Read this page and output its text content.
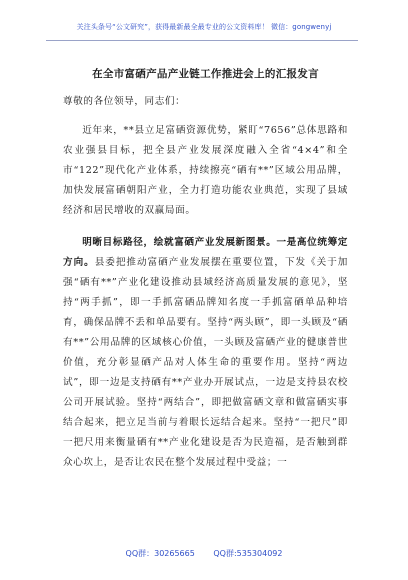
关注头条号“公文研究”，获得最新最全最专业的公文资料库！ 微信：gongwenyj
在全市富硒产品产业链工作推进会上的汇报发言
尊敬的各位领导，同志们：

近年来，**县立足富硒资源优势，紧盯“7656”总体思路和农业强县目标，把全县产业发展深度融入全省“4×4”和全市“122”现代化产业体系，持续擦亮“硒有**”区域公用品牌，加快发展富硒朝阳产业，全力打造功能农业典范，实现了县域经济和居民增收的双赢局面。

明晰目标路径，绘就富硒产业发展新图景。一是高位统筹定方向。县委把推动富硒产业发展摆在重要位置，下发《关于加强“硒有**”产业化建设推动县域经济高质量发展的意见》，坚持“两手抓”，即一手抓富硒品牌知名度一手抓富硒单品种培育，确保品牌不丢和单品要有。坚持“两头顾”，即一头顾及“硒有**”公用品牌的区域核心价值，一头顾及富硒产业的健康普世价值，充分彰显硒产品对人体生命的重要作用。坚持“两边试”，即一边是支持硒有**产业办开展试点，一边是支持县农校公司开展试验。坚持“两结合”，即把做富硒文章和做富硒实事结合起来，把立足当前与着眼长远结合起来。坚持“一把尺”即一把尺用来衡量硒有**产业化建设是否为民造福，是否触到群众心坎上，是否让农民在整个发展过程中受益；一

QQ群：30265665 QQ群:535304092
